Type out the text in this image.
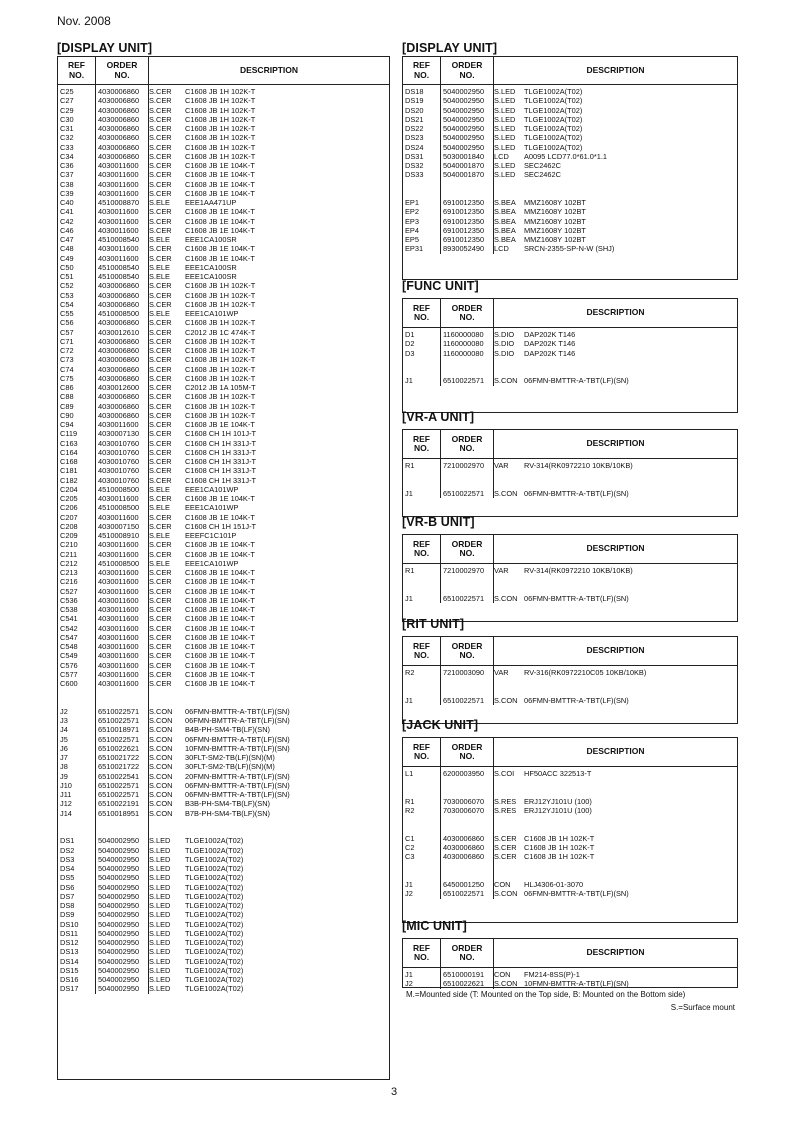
Nov. 2008
[DISPLAY UNIT]
REF
NO.
ORDER
NO.	DESCRIPTION
C25	4030006860	S.CER	C1608 JB 1H 102K-T
C27	4030006860	S.CER	C1608 JB 1H 102K-T
C29	4030006860	S.CER	C1608 JB 1H 102K-T
C30	4030006860	S.CER	C1608 JB 1H 102K-T
C31	4030006860	S.CER	C1608 JB 1H 102K-T
C32	4030006860	S.CER	C1608 JB 1H 102K-T
C33	4030006860	S.CER	C1608 JB 1H 102K-T
C34	4030006860	S.CER	C1608 JB 1H 102K-T
C36	4030011600	S.CER	C1608 JB 1E 104K-T
C37	4030011600	S.CER	C1608 JB 1E 104K-T
C38	4030011600	S.CER	C1608 JB 1E 104K-T
C39	4030011600	S.CER	C1608 JB 1E 104K-T
C40	4510008870	S.ELE	EEE1AA471UP
C41	4030011600	S.CER	C1608 JB 1E 104K-T
C42	4030011600	S.CER	C1608 JB 1E 104K-T
C46	4030011600	S.CER	C1608 JB 1E 104K-T
C47	4510008540	S.ELE	EEE1CA100SR
C48	4030011600	S.CER	C1608 JB 1E 104K-T
C49	4030011600	S.CER	C1608 JB 1E 104K-T
C50	4510008540	S.ELE	EEE1CA100SR
C51	4510008540	S.ELE	EEE1CA100SR
C52	4030006860	S.CER	C1608 JB 1H 102K-T
C53	4030006860	S.CER	C1608 JB 1H 102K-T
C54	4030006860	S.CER	C1608 JB 1H 102K-T
C55	4510008500	S.ELE	EEE1CA101WP
C56	4030006860	S.CER	C1608 JB 1H 102K-T
C57	4030012610	S.CER	C2012 JB 1C 474K-T
C71	4030006860	S.CER	C1608 JB 1H 102K-T
C72	4030006860	S.CER	C1608 JB 1H 102K-T
C73	4030006860	S.CER	C1608 JB 1H 102K-T
C74	4030006860	S.CER	C1608 JB 1H 102K-T
C75	4030006860	S.CER	C1608 JB 1H 102K-T
C86	4030012600	S.CER	C2012 JB 1A 105M-T
C88	4030006860	S.CER	C1608 JB 1H 102K-T
C89	4030006860	S.CER	C1608 JB 1H 102K-T
C90	4030006860	S.CER	C1608 JB 1H 102K-T
C94	4030011600	S.CER	C1608 JB 1E 104K-T
C119	4030007130	S.CER	C1608 CH 1H 101J-T
C163	4030010760	S.CER	C1608 CH 1H 331J-T
C164	4030010760	S.CER	C1608 CH 1H 331J-T
C168	4030010760	S.CER	C1608 CH 1H 331J-T
C181	4030010760	S.CER	C1608 CH 1H 331J-T
C182	4030010760	S.CER	C1608 CH 1H 331J-T
C204	4510008500	S.ELE	EEE1CA101WP
C205	4030011600	S.CER	C1608 JB 1E 104K-T
C206	4510008500	S.ELE	EEE1CA101WP
C207	4030011600	S.CER	C1608 JB 1E 104K-T
C208	4030007150	S.CER	C1608 CH 1H 151J-T
C209	4510008910	S.ELE	EEEFC1C101P
C210	4030011600	S.CER	C1608 JB 1E 104K-T
C211	4030011600	S.CER	C1608 JB 1E 104K-T
C212	4510008500	S.ELE	EEE1CA101WP
C213	4030011600	S.CER	C1608 JB 1E 104K-T
C216	4030011600	S.CER	C1608 JB 1E 104K-T
C527	4030011600	S.CER	C1608 JB 1E 104K-T
C536	4030011600	S.CER	C1608 JB 1E 104K-T
C538	4030011600	S.CER	C1608 JB 1E 104K-T
C541	4030011600	S.CER	C1608 JB 1E 104K-T
C542	4030011600	S.CER	C1608 JB 1E 104K-T
C547	4030011600	S.CER	C1608 JB 1E 104K-T
C548	4030011600	S.CER	C1608 JB 1E 104K-T
C549	4030011600	S.CER	C1608 JB 1E 104K-T
C576	4030011600	S.CER	C1608 JB 1E 104K-T
C577	4030011600	S.CER	C1608 JB 1E 104K-T
C600	4030011600	S.CER	C1608 JB 1E 104K-T
J2	6510022571	S.CON	06FMN-BMTTR-A-TBT(LF)(SN)
J3	6510022571	S.CON	06FMN-BMTTR-A-TBT(LF)(SN)
J4	6510018971	S.CON	B4B-PH-SM4-TB(LF)(SN)
J5	6510022571	S.CON	06FMN-BMTTR-A-TBT(LF)(SN)
J6	6510022621	S.CON	10FMN-BMTTR-A-TBT(LF)(SN)
J7	6510021722	S.CON	30FLT-SM2-TB(LF)(SN)(M)
J8	6510021722	S.CON	30FLT-SM2-TB(LF)(SN)(M)
J9	6510022541	S.CON	20FMN-BMTTR-A-TBT(LF)(SN)
J10	6510022571	S.CON	06FMN-BMTTR-A-TBT(LF)(SN)
J11	6510022571	S.CON	06FMN-BMTTR-A-TBT(LF)(SN)
J12	6510022191	S.CON	B3B-PH-SM4-TB(LF)(SN)
J14	6510018951	S.CON	B7B-PH-SM4-TB(LF)(SN)
DS1	5040002950	S.LED	TLGE1002A(T02)
DS2	5040002950	S.LED	TLGE1002A(T02)
DS3	5040002950	S.LED	TLGE1002A(T02)
DS4	5040002950	S.LED	TLGE1002A(T02)
DS5	5040002950	S.LED	TLGE1002A(T02)
DS6	5040002950	S.LED	TLGE1002A(T02)
DS7	5040002950	S.LED	TLGE1002A(T02)
DS8	5040002950	S.LED	TLGE1002A(T02)
DS9	5040002950	S.LED	TLGE1002A(T02)
DS10	5040002950	S.LED	TLGE1002A(T02)
DS11	5040002950	S.LED	TLGE1002A(T02)
DS12	5040002950	S.LED	TLGE1002A(T02)
DS13	5040002950	S.LED	TLGE1002A(T02)
DS14	5040002950	S.LED	TLGE1002A(T02)
DS15	5040002950	S.LED	TLGE1002A(T02)
DS16	5040002950	S.LED	TLGE1002A(T02)
DS17	5040002950	S.LED	TLGE1002A(T02)
[DISPLAY UNIT]
REF
NO.
ORDER
NO.	DESCRIPTION
DS18	5040002950	S.LED	TLGE1002A(T02)
DS19	5040002950	S.LED	TLGE1002A(T02)
DS20	5040002950	S.LED	TLGE1002A(T02)
DS21	5040002950	S.LED	TLGE1002A(T02)
DS22	5040002950	S.LED	TLGE1002A(T02)
DS23	5040002950	S.LED	TLGE1002A(T02)
DS24	5040002950	S.LED	TLGE1002A(T02)
DS31	5030001840	LCD	A0095 LCD77.0*61.0*1.1
DS32	5040001870	S.LED	SEC2462C
DS33	5040001870	S.LED	SEC2462C
EP1	6910012350	S.BEA	MMZ1608Y 102BT
EP2	6910012350	S.BEA	MMZ1608Y 102BT
EP3	6910012350	S.BEA	MMZ1608Y 102BT
EP4	6910012350	S.BEA	MMZ1608Y 102BT
EP5	6910012350	S.BEA	MMZ1608Y 102BT
EP31	8930052490	LCD	SRCN-2355-SP-N-W (SHJ)
[FUNC UNIT]
REF
NO.
ORDER
NO.	DESCRIPTION
D1	1160000080	S.DIO	DAP202K T146
D2	1160000080	S.DIO	DAP202K T146
D3	1160000080	S.DIO	DAP202K T146
J1	6510022571	S.CON 06FMN-BMTTR-A-TBT(LF)(SN)
[VR-A UNIT]
REF
NO.
ORDER
NO.	DESCRIPTION
R1	7210002970	VAR	RV-314(RK0972210 10KB/10KB)
J1	6510022571	S.CON 06FMN-BMTTR-A-TBT(LF)(SN)
[VR-B UNIT]
REF
NO.
ORDER
NO.	DESCRIPTION
R1	7210002970	VAR	RV-314(RK0972210 10KB/10KB)
J1	6510022571	S.CON 06FMN-BMTTR-A-TBT(LF)(SN)
[RIT UNIT]
REF
NO.
ORDER
NO.	DESCRIPTION
R2	7210003090	VAR	RV-316(RK0972210C05 10KB/10KB)
J1	6510022571	S.CON 06FMN-BMTTR-A-TBT(LF)(SN)
[JACK UNIT]
REF
NO.
ORDER
NO.	DESCRIPTION
L1	6200003950	S.COI	HF50ACC 322513-T
R1	7030006070	S.RES	ERJ12YJ101U (100)
R2	7030006070	S.RES	ERJ12YJ101U (100)
C1	4030006860	S.CER	C1608 JB 1H 102K-T
C2	4030006860	S.CER	C1608 JB 1H 102K-T
C3	4030006860	S.CER	C1608 JB 1H 102K-T
J1	6450001250	CON	HLJ4306-01-3070
J2	6510022571	S.CON 06FMN-BMTTR-A-TBT(LF)(SN)
[MIC UNIT]
REF
NO.
ORDER
NO.	DESCRIPTION
J1	6510000191	CON	FM214-8SS(P)-1
J2	6510022621	S.CON 10FMN-BMTTR-A-TBT(LF)(SN)
M.=Mounted side (T: Mounted on the Top side, B: Mounted on the Bottom side)
S.=Surface mount
3
